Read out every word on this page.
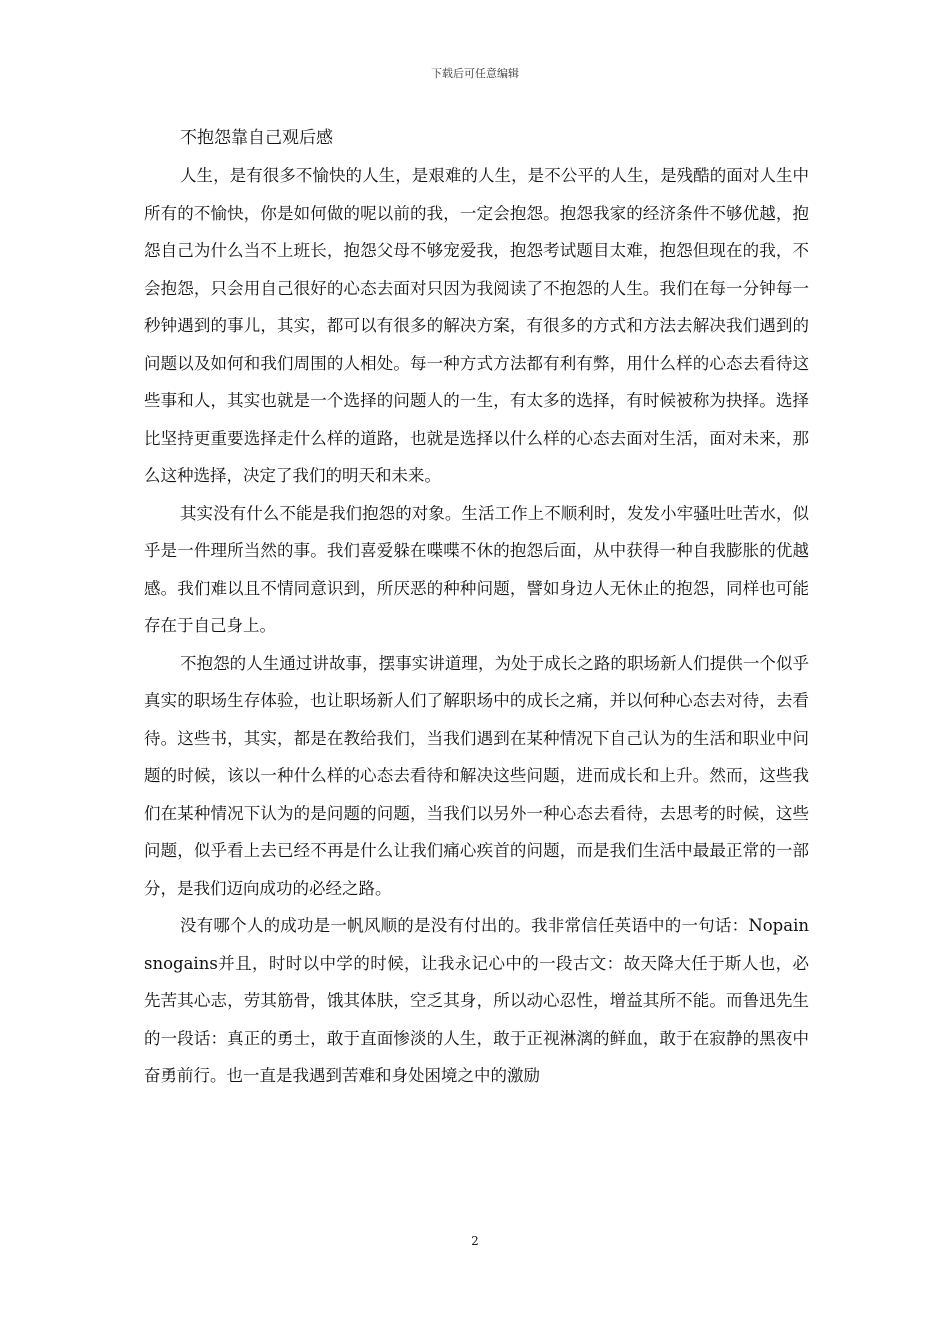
下载后可任意编辑
不抱怨靠自己观后感

人生，是有很多不愉快的人生，是艰难的人生，是不公平的人生，是残酷的面对人生中所有的不愉快，你是如何做的呢以前的我，一定会抱怨。抱怨我家的经济条件不够优越，抱怨自己为什么当不上班长，抱怨父母不够宠爱我，抱怨考试题目太难，抱怨但现在的我，不会抱怨，只会用自己很好的心态去面对只因为我阅读了不抱怨的人生。我们在每一分钟每一秒钟遇到的事儿，其实，都可以有很多的解决方案，有很多的方式和方法去解决我们遇到的问题以及如何和我们周围的人相处。每一种方式方法都有利有弊，用什么样的心态去看待这些事和人，其实也就是一个选择的问题人的一生，有太多的选择，有时候被称为抉择。选择比坚持更重要选择走什么样的道路，也就是选择以什么样的心态去面对生活，面对未来，那么这种选择，决定了我们的明天和未来。

其实没有什么不能是我们抱怨的对象。生活工作上不顺利时，发发小牢骚吐吐苦水，似乎是一件理所当然的事。我们喜爱躲在喋喋不休的抱怨后面，从中获得一种自我膨胀的优越感。我们难以且不情同意识到，所厌恶的种种问题，譬如身边人无休止的抱怨，同样也可能存在于自己身上。

不抱怨的人生通过讲故事，摆事实讲道理，为处于成长之路的职场新人们提供一个似乎真实的职场生存体验，也让职场新人们了解职场中的成长之痛，并以何种心态去对待，去看待。这些书，其实，都是在教给我们，当我们遇到在某种情况下自己认为的生活和职业中问题的时候，该以一种什么样的心态去看待和解决这些问题，进而成长和上升。然而，这些我们在某种情况下认为的是问题的问题，当我们以另外一种心态去看待，去思考的时候，这些问题，似乎看上去已经不再是什么让我们痛心疾首的问题，而是我们生活中最最正常的一部分，是我们迈向成功的必经之路。

没有哪个人的成功是一帆风顺的是没有付出的。我非常信任英语中的一句话：Nopainsnogains并且，时时以中学的时候，让我永记心中的一段古文：故天降大任于斯人也，必先苦其心志，劳其筋骨，饿其体肤，空乏其身，所以动心忍性，增益其所不能。而鲁迅先生的一段话：真正的勇士，敢于直面惨淡的人生，敢于正视淋漓的鲜血，敢于在寂静的黑夜中奋勇前行。也一直是我遇到苦难和身处困境之中的激励

2
